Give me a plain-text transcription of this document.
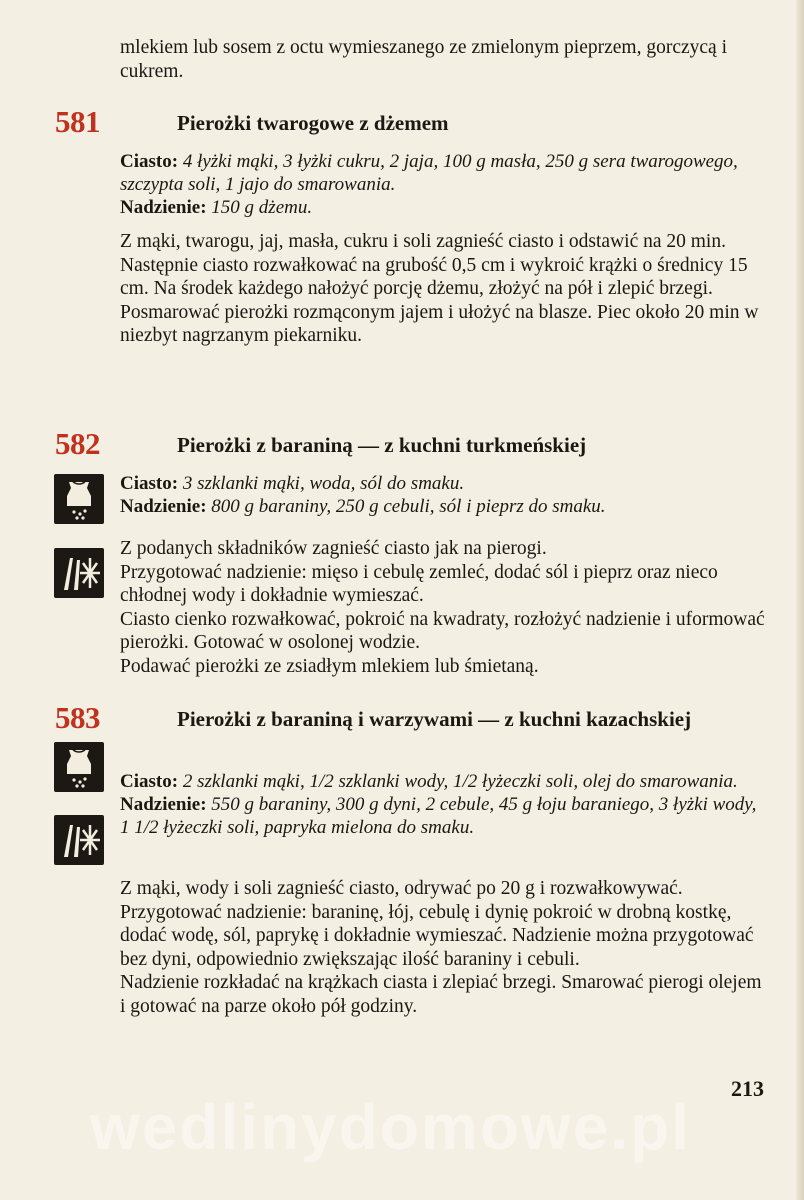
mlekiem lub sosem z octu wymieszanego ze zmielonym pieprzem, gorczycą i cukrem.

581	Pierożki twarogowe z dżemem

Ciasto: 4 łyżki mąki, 3 łyżki cukru, 2 jaja, 100 g masła, 250 g sera twarogowego, szczypta soli, 1 jajo do smarowania.

Nadzienie: 150 g dżemu.

Z mąki, twarogu, jaj, masła, cukru i soli zagnieść ciasto i odstawić na 20 min. Następnie ciasto rozwałkować na grubość 0,5 cm i wykroić krążki o średnicy 15 cm. Na środek każdego nałożyć porcję dżemu, złożyć na pół i zlepić brzegi. Posmarować pierożki rozmąconym jajem i ułożyć na blasze. Piec około 20 min w niezbyt nagrzanym piekarniku.

582	Pierożki z baraniną — z kuchni turkmeńskiej

Ciasto: 3 szklanki mąki, woda, sól do smaku.

Nadzienie: 800 g baraniny, 250 g cebuli, sól i pieprz do smaku.

Z podanych składników zagnieść ciasto jak na pierogi.

Przygotować nadzienie: mięso i cebulę zemleć, dodać sól i pieprz oraz nieco chłodnej wody i dokładnie wymieszać.

Ciasto cienko rozwałkować, pokroić na kwadraty, rozłożyć nadzienie i uformować pierożki. Gotować w osolonej wodzie.

Podawać pierożki ze zsiadłym mlekiem lub śmietaną.

583	Pierożki z baraniną i warzywami — z kuchni kazachskiej

Ciasto: 2 szklanki mąki, 1/2 szklanki wody, 1/2 łyżeczki soli, olej do smarowania.

Nadzienie: 550 g baraniny, 300 g dyni, 2 cebule, 45 g łoju baraniego, 3 łyżki wody, 1 1/2 łyżeczki soli, papryka mielona do smaku.

Z mąki, wody i soli zagnieść ciasto, odrywać po 20 g i rozwałkowywać.

Przygotować nadzienie: baraninę, łój, cebulę i dynię pokroić w drobną kostkę, dodać wodę, sól, paprykę i dokładnie wymieszać. Nadzienie można przygotować bez dyni, odpowiednio zwiększając ilość baraniny i cebuli.

Nadzienie rozkładać na krążkach ciasta i zlepiać brzegi. Smarować pierogi olejem i gotować na parze około pół godziny.

wedlinydomowe.pl
213
